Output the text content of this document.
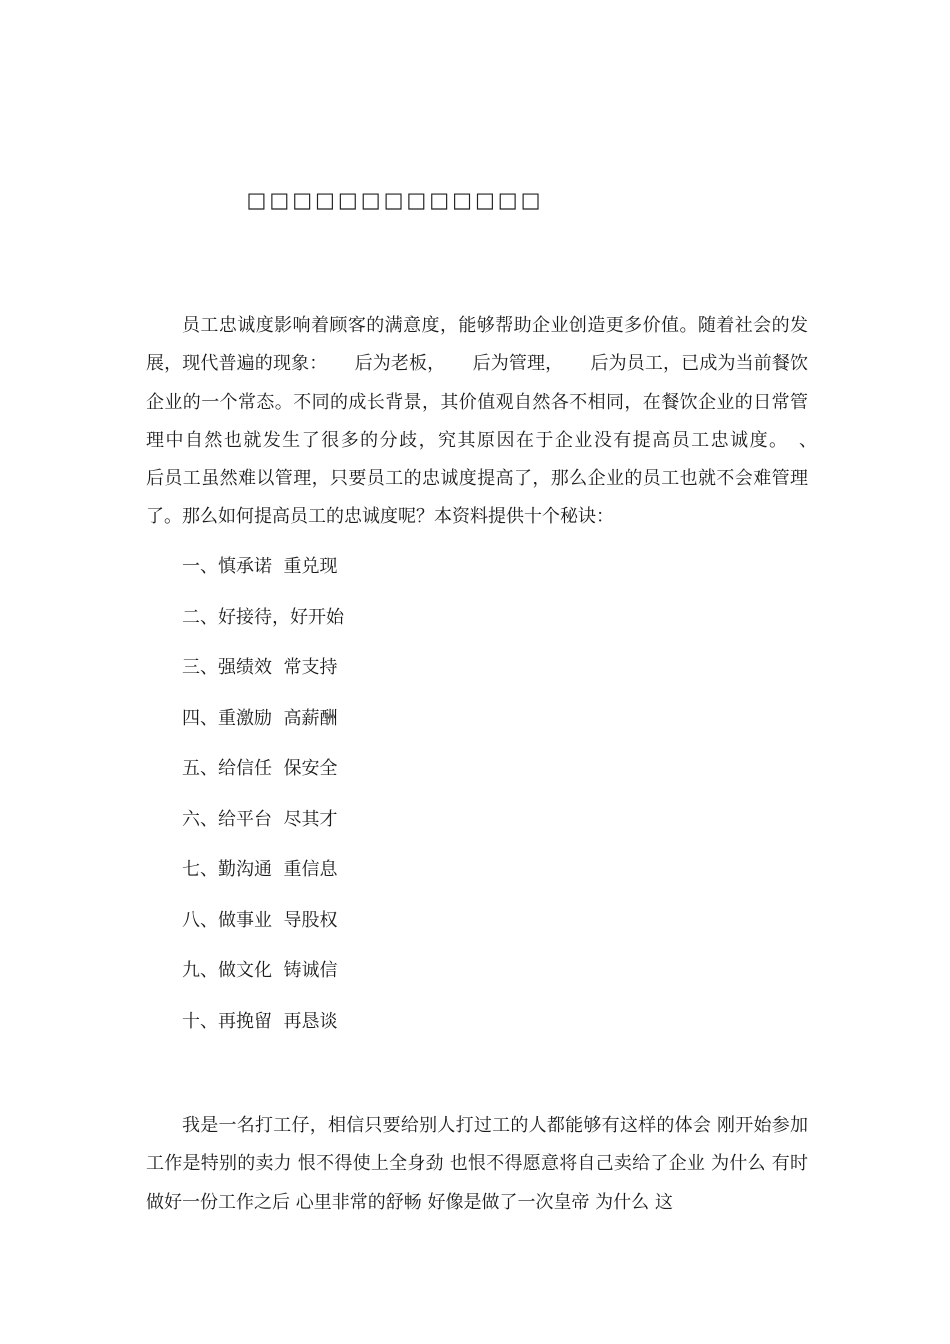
□□□□□□□□□□□□□

员工忠诚度影响着顾客的满意度，能够帮助企业创造更多价值。随着社会的发展，现代普遍的现象：　　后为老板，　　后为管理，　　后为员工，已成为当前餐饮企业的一个常态。不同的成长背景，其价值观自然各不相同，在餐饮企业的日常管理中自然也就发生了很多的分歧，究其原因在于企业没有提高员工忠诚度。　、　　后员工虽然难以管理，只要员工的忠诚度提高了，那么企业的员工也就不会难管理了。那么如何提高员工的忠诚度呢？本资料提供十个秘诀：

一、慎承诺  重兑现
二、好接待，好开始
三、强绩效  常支持
四、重激励  高薪酬
五、给信任  保安全
六、给平台  尽其才
七、勤沟通  重信息
八、做事业  导股权
九、做文化  铸诚信
十、再挽留  再恳谈

我是一名打工仔，相信只要给别人打过工的人都能够有这样的体会 刚开始参加工作是特别的卖力 恨不得使上全身劲 也恨不得愿意将自己卖给了企业 为什么 有时做好一份工作之后 心里非常的舒畅 好像是做了一次皇帝 为什么 这
